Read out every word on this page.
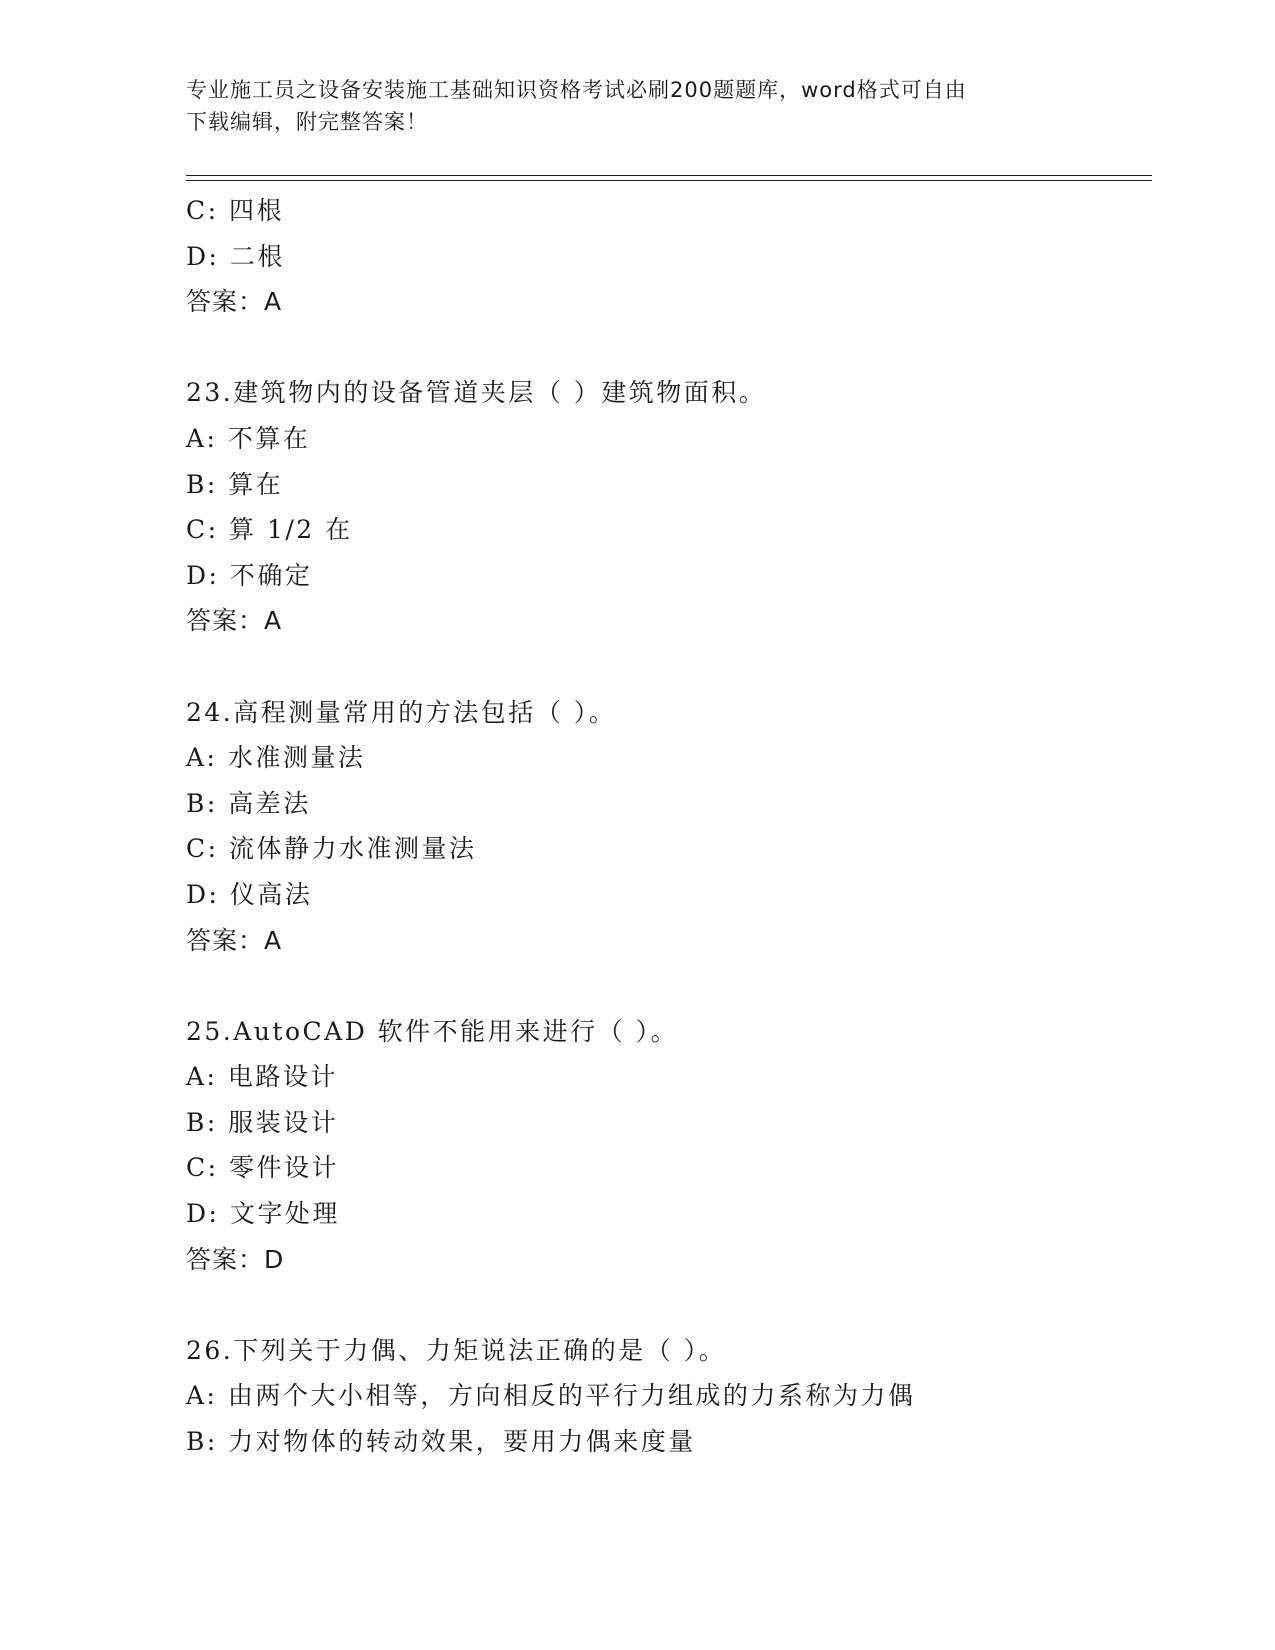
专业施工员之设备安装施工基础知识资格考试必刷200题题库，word格式可自由
下载编辑，附完整答案！
C: 四根
D: 二根
答案：A
23.建筑物内的设备管道夹层（ ）建筑物面积。
A: 不算在
B: 算在
C: 算 1/2 在
D: 不确定
答案：A
24.高程测量常用的方法包括（ ）。
A: 水准测量法
B: 高差法
C: 流体静力水准测量法
D: 仪高法
答案：A
25.AutoCAD 软件不能用来进行（ ）。
A: 电路设计
B: 服装设计
C: 零件设计
D: 文字处理
答案：D
26.下列关于力偶、力矩说法正确的是（ ）。
A: 由两个大小相等，方向相反的平行力组成的力系称为力偶
B: 力对物体的转动效果，要用力偶来度量
